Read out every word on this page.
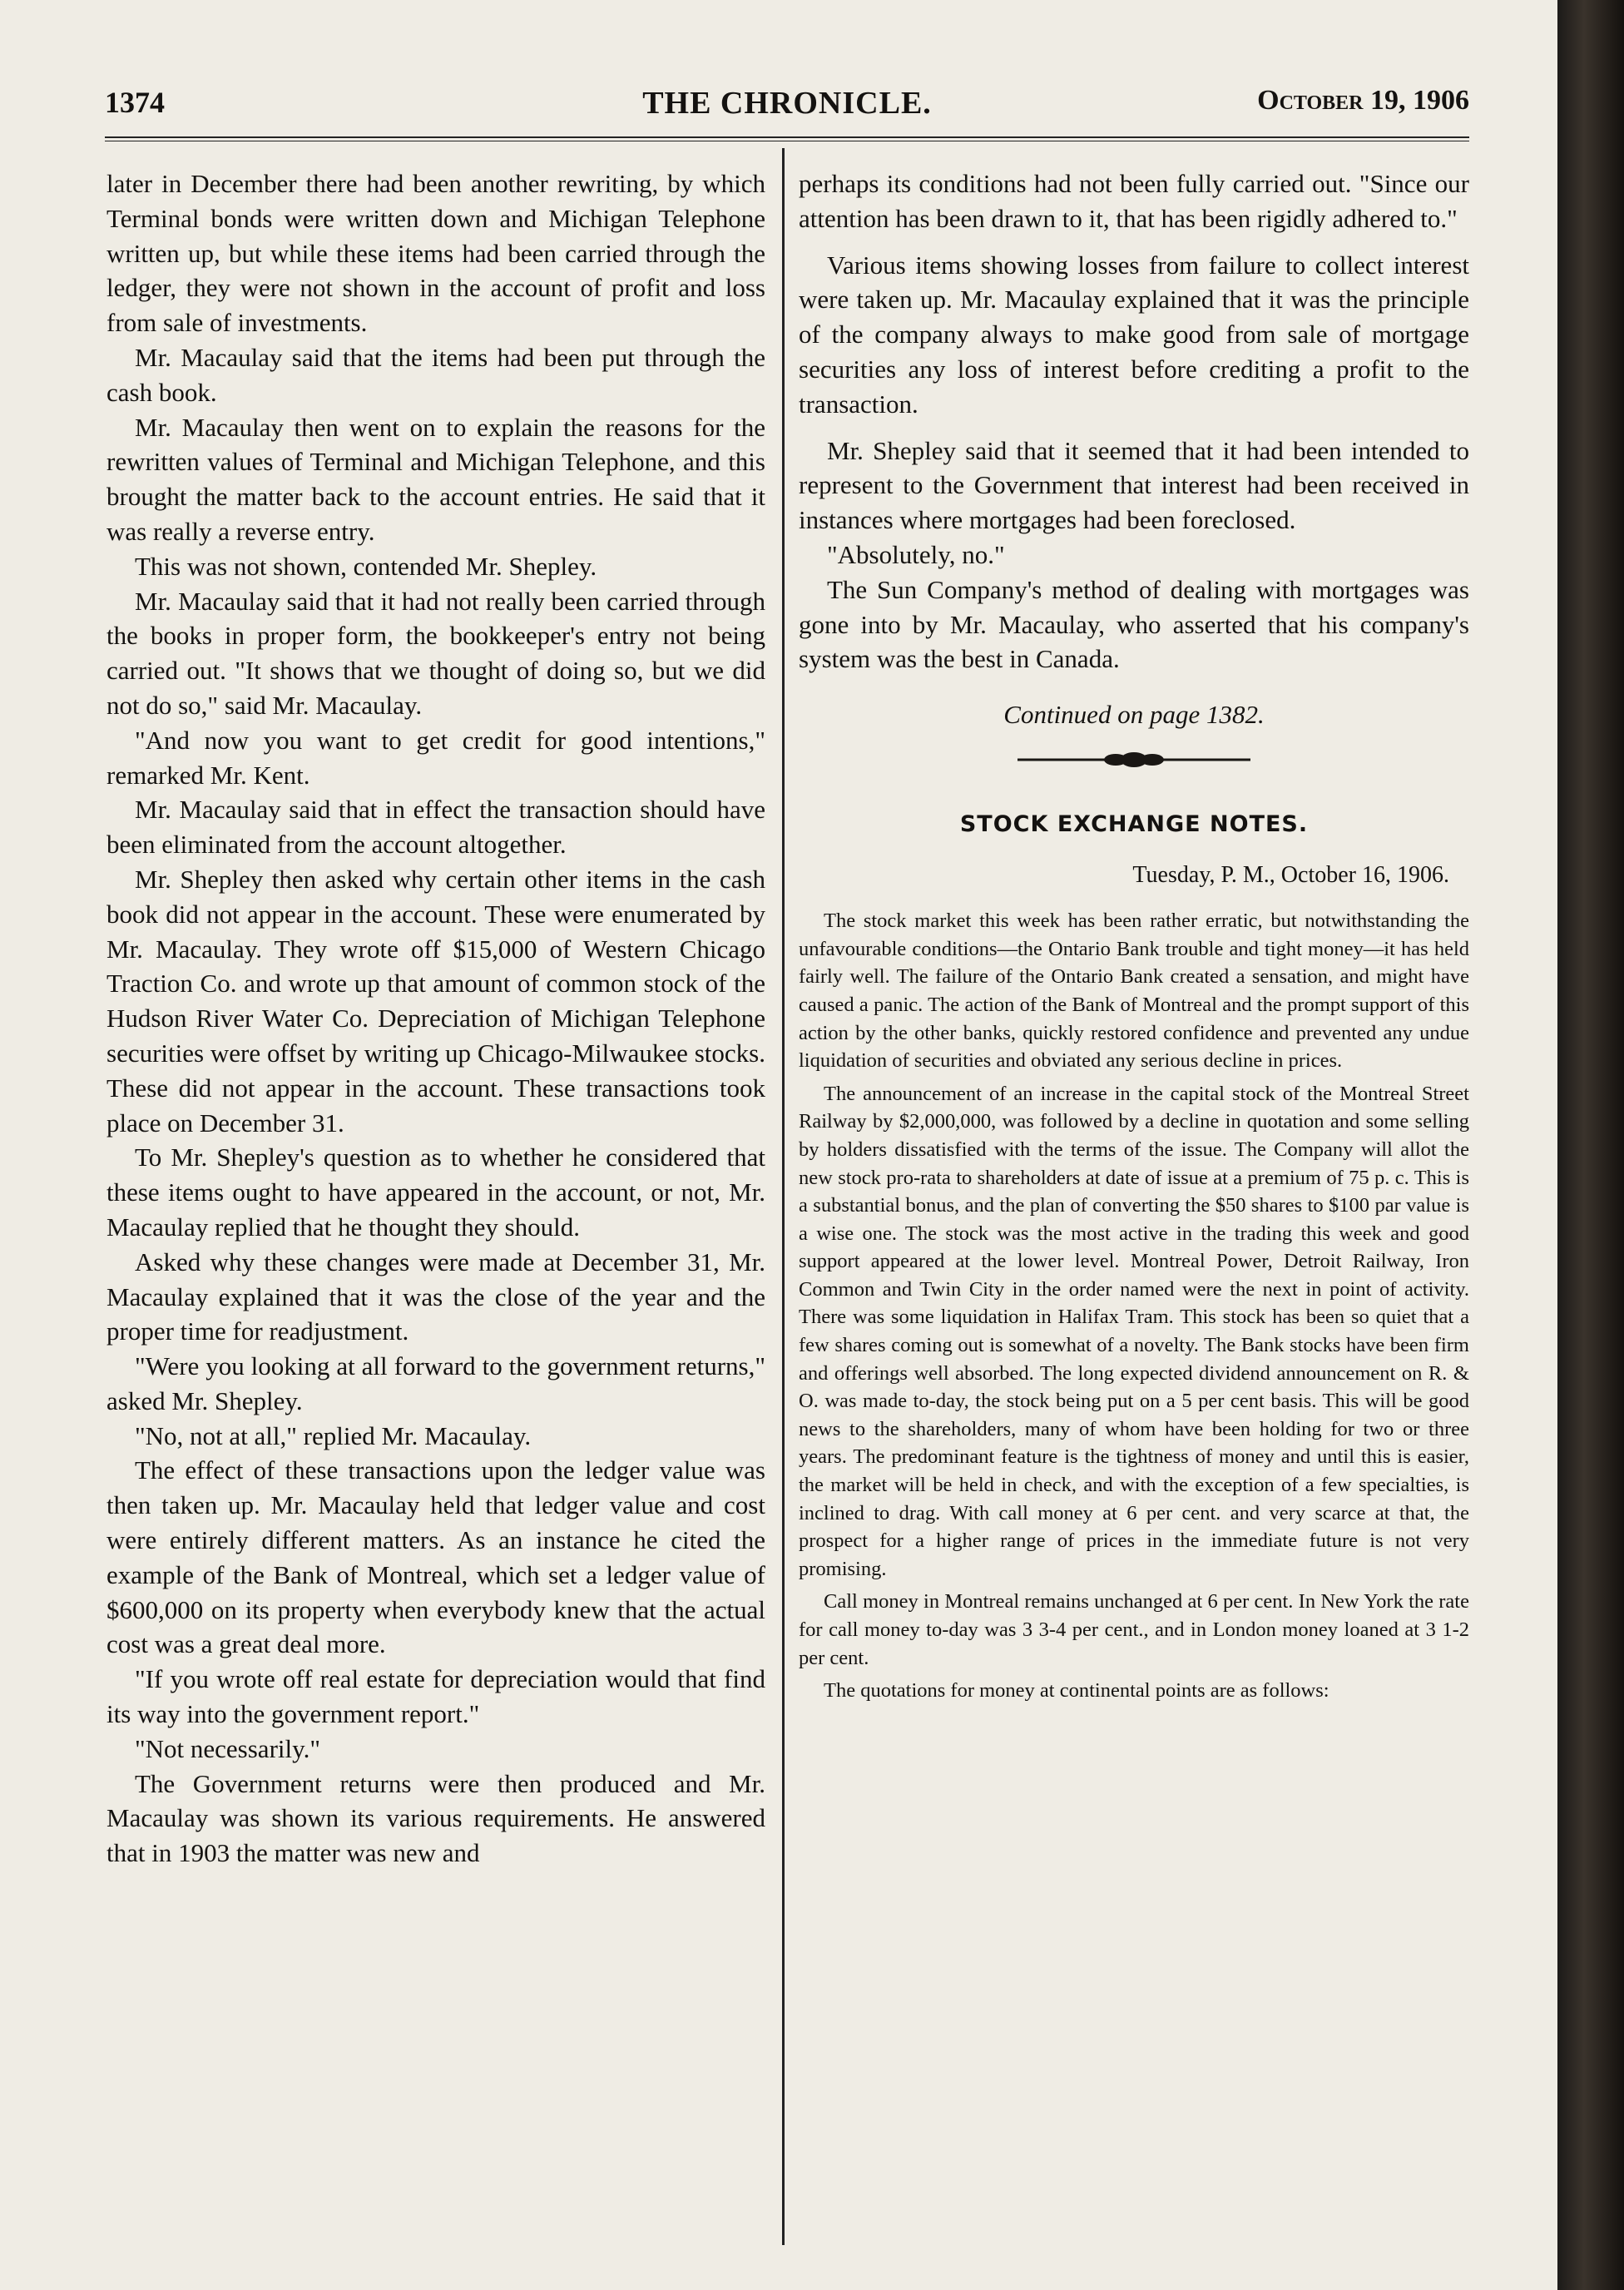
1374	THE CHRONICLE.	October 19, 1906

later in December there had been another rewriting, by which Terminal bonds were written down and Michigan Telephone written up, but while these items had been carried through the ledger, they were not shown in the account of profit and loss from sale of investments.

Mr. Macaulay said that the items had been put through the cash book.

Mr. Macaulay then went on to explain the reasons for the rewritten values of Terminal and Michigan Telephone, and this brought the matter back to the account entries. He said that it was really a reverse entry.

This was not shown, contended Mr. Shepley.

Mr. Macaulay said that it had not really been carried through the books in proper form, the bookkeeper's entry not being carried out. "It shows that we thought of doing so, but we did not do so," said Mr. Macaulay.

"And now you want to get credit for good intentions," remarked Mr. Kent.

Mr. Macaulay said that in effect the transaction should have been eliminated from the account altogether.

Mr. Shepley then asked why certain other items in the cash book did not appear in the account. These were enumerated by Mr. Macaulay. They wrote off $15,000 of Western Chicago Traction Co. and wrote up that amount of common stock of the Hudson River Water Co. Depreciation of Michigan Telephone securities were offset by writing up Chicago-Milwaukee stocks. These did not appear in the account. These transactions took place on December 31.

To Mr. Shepley's question as to whether he considered that these items ought to have appeared in the account, or not, Mr. Macaulay replied that he thought they should.

Asked why these changes were made at December 31, Mr. Macaulay explained that it was the close of the year and the proper time for readjustment.

"Were you looking at all forward to the government returns," asked Mr. Shepley.

"No, not at all," replied Mr. Macaulay.

The effect of these transactions upon the ledger value was then taken up. Mr. Macaulay held that ledger value and cost were entirely different matters. As an instance he cited the example of the Bank of Montreal, which set a ledger value of $600,000 on its property when everybody knew that the actual cost was a great deal more.

"If you wrote off real estate for depreciation would that find its way into the government report."

"Not necessarily."

The Government returns were then produced and Mr. Macaulay was shown its various requirements. He answered that in 1903 the matter was new and

perhaps its conditions had not been fully carried out. "Since our attention has been drawn to it, that has been rigidly adhered to."

Various items showing losses from failure to collect interest were taken up. Mr. Macaulay explained that it was the principle of the company always to make good from sale of mortgage securities any loss of interest before crediting a profit to the transaction.

Mr. Shepley said that it seemed that it had been intended to represent to the Government that interest had been received in instances where mortgages had been foreclosed.

"Absolutely, no."

The Sun Company's method of dealing with mortgages was gone into by Mr. Macaulay, who asserted that his company's system was the best in Canada.

Continued on page 1382.
STOCK EXCHANGE NOTES.
Tuesday, P. M., October 16, 1906.

The stock market this week has been rather erratic, but notwithstanding the unfavourable conditions—the Ontario Bank trouble and tight money—it has held fairly well. The failure of the Ontario Bank created a sensation, and might have caused a panic. The action of the Bank of Montreal and the prompt support of this action by the other banks, quickly restored confidence and prevented any undue liquidation of securities and obviated any serious decline in prices.

The announcement of an increase in the capital stock of the Montreal Street Railway by $2,000,000, was followed by a decline in quotation and some selling by holders dissatisfied with the terms of the issue. The Company will allot the new stock pro-rata to shareholders at date of issue at a premium of 75 p. c. This is a substantial bonus, and the plan of converting the $50 shares to $100 par value is a wise one. The stock was the most active in the trading this week and good support appeared at the lower level. Montreal Power, Detroit Railway, Iron Common and Twin City in the order named were the next in point of activity. There was some liquidation in Halifax Tram. This stock has been so quiet that a few shares coming out is somewhat of a novelty. The Bank stocks have been firm and offerings well absorbed. The long expected dividend announcement on R. & O. was made to-day, the stock being put on a 5 per cent basis. This will be good news to the shareholders, many of whom have been holding for two or three years. The predominant feature is the tightness of money and until this is easier, the market will be held in check, and with the exception of a few specialties, is inclined to drag. With call money at 6 per cent. and very scarce at that, the prospect for a higher range of prices in the immediate future is not very promising.

Call money in Montreal remains unchanged at 6 per cent. In New York the rate for call money to-day was 3 3-4 per cent., and in London money loaned at 3 1-2 per cent.

The quotations for money at continental points are as follows:
